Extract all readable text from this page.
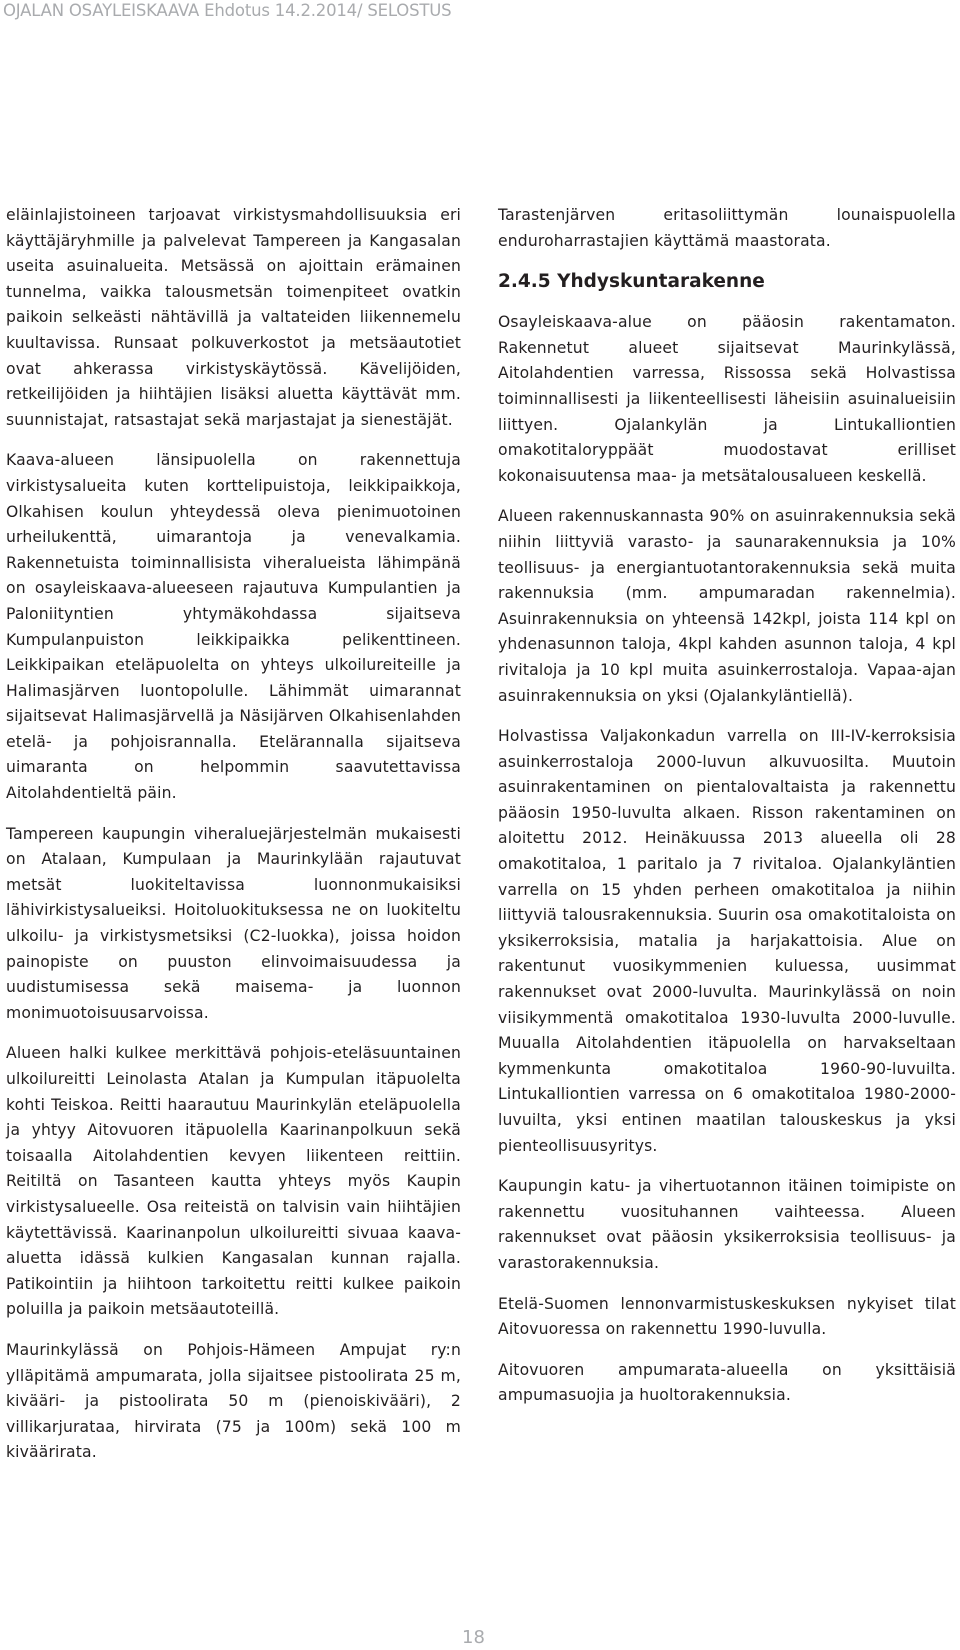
OJALAN OSAYLEISKAAVA Ehdotus 14.2.2014/ SELOSTUS

eläinlajistoineen tarjoavat virkistysmahdollisuuksia eri käyttäjäryhmille ja palvelevat Tampereen ja Kangasalan useita asuinalueita. Metsässä on ajoittain erämainen tunnelma, vaikka talousmetsän toimenpiteet ovatkin paikoin selkeästi nähtävillä ja valtateiden liikennemelu kuultavissa. Runsaat polkuverkostot ja metsäautotiet ovat ahkerassa virkistyskäytössä. Kävelijöiden, retkeilijöiden ja hiihtäjien lisäksi aluetta käyttävät mm. suunnistajat, ratsastajat sekä marjastajat ja sienestäjät.

Kaava-alueen länsipuolella on rakennettuja virkistysalueita kuten korttelipuistoja, leikkipaikkoja, Olkahisen koulun yhteydessä oleva pienimuotoinen urheilukenttä, uimarantoja ja venevalkamia. Rakennetuista toiminnallisista viheralueista lähimpänä on osayleiskaava-alueeseen rajautuva Kumpulantien ja Paloniityntien yhtymäkohdassa sijaitseva Kumpulanpuiston leikkipaikka pelikenttineen. Leikkipaikan eteläpuolelta on yhteys ulkoilureiteille ja Halimasjärven luontopolulle. Lähimmät uimarannat sijaitsevat Halimasjärvellä ja Näsijärven Olkahisenlahden etelä- ja pohjoisrannalla. Etelärannalla sijaitseva uimaranta on helpommin saavutettavissa Aitolahdentieltä päin.

Tampereen kaupungin viheraluejärjestelmän mukaisesti on Atalaan, Kumpulaan ja Maurinkylään rajautuvat metsät luokiteltavissa luonnonmukaisiksi lähivirkistysalueiksi. Hoitoluokituksessa ne on luokiteltu ulkoilu- ja virkistysmetsiksi (C2-luokka), joissa hoidon painopiste on puuston elinvoimaisuudessa ja uudistumisessa sekä maisema- ja luonnon monimuotoisuusarvoissa.

Alueen halki kulkee merkittävä pohjois-eteläsuuntainen ulkoilureitti Leinolasta Atalan ja Kumpulan itäpuolelta kohti Teiskoa. Reitti haarautuu Maurinkylän eteläpuolella ja yhtyy Aitovuoren itäpuolella Kaarinanpolkuun sekä toisaalla Aitolahdentien kevyen liikenteen reittiin. Reitiltä on Tasanteen kautta yhteys myös Kaupin virkistysalueelle. Osa reiteistä on talvisin vain hiihtäjien käytettävissä. Kaarinanpolun ulkoilureitti sivuaa kaava-aluetta idässä kulkien Kangasalan kunnan rajalla. Patikointiin ja hiihtoon tarkoitettu reitti kulkee paikoin poluilla ja paikoin metsäautoteillä.

Maurinkylässä on Pohjois-Hämeen Ampujat ry:n ylläpitämä ampumarata, jolla sijaitsee pistoolirata 25 m, kivääri- ja pistoolirata 50 m (pienoiskivääri), 2 villikarjurataa, hirvirata (75 ja 100m) sekä 100 m kiväärirata.

Tarastenjärven eritasoliittymän lounaispuolella enduroharrastajien käyttämä maastorata.

2.4.5 Yhdyskuntarakenne

Osayleiskaava-alue on pääosin rakentamaton. Rakennetut alueet sijaitsevat Maurinkylässä, Aitolahdentien varressa, Rissossa sekä Holvastissa toiminnallisesti ja liikenteellisesti läheisiin asuinalueisiin liittyen. Ojalankylän ja Lintukalliontien omakotitaloryppäät muodostavat erilliset kokonaisuutensa maa- ja metsätalousalueen keskellä.

Alueen rakennuskannasta 90% on asuinrakennuksia sekä niihin liittyviä varasto- ja saunarakennuksia ja 10% teollisuus- ja energiantuotantorakennuksia sekä muita rakennuksia (mm. ampumaradan rakennelmia). Asuinrakennuksia on yhteensä 142kpl, joista 114 kpl on yhdenasunnon taloja, 4kpl kahden asunnon taloja, 4 kpl rivitaloja ja 10 kpl muita asuinkerrostaloja. Vapaa-ajan asuinrakennuksia on yksi (Ojalankyläntiellä).

Holvastissa Valjakonkadun varrella on III-IV-kerroksisia asuinkerrostaloja 2000-luvun alkuvuosilta. Muutoin asuinrakentaminen on pientalovaltaista ja rakennettu pääosin 1950-luvulta alkaen. Risson rakentaminen on aloitettu 2012. Heinäkuussa 2013 alueella oli 28 omakotitaloa, 1 paritalo ja 7 rivitaloa. Ojalankyläntien varrella on 15 yhden perheen omakotitaloa ja niihin liittyviä talousrakennuksia. Suurin osa omakotitaloista on yksikerroksisia, matalia ja harjakattoisia. Alue on rakentunut vuosikymmenien kuluessa, uusimmat rakennukset ovat 2000-luvulta. Maurinkylässä on noin viisikymmentä omakotitaloa 1930-luvulta 2000-luvulle. Muualla Aitolahdentien itäpuolella on harvakseltaan kymmenkunta omakotitaloa 1960-90-luvuilta. Lintukalliontien varressa on 6 omakotitaloa 1980-2000-luvuilta, yksi entinen maatilan talouskeskus ja yksi pienteollisuusyritys.

Kaupungin katu- ja vihertuotannon itäinen toimipiste on rakennettu vuosituhannen vaihteessa. Alueen rakennukset ovat pääosin yksikerroksisia teollisuus- ja varastorakennuksia.

Etelä-Suomen lennonvarmistuskeskuksen nykyiset tilat Aitovuoressa on rakennettu 1990-luvulla.

Aitovuoren ampumarata-alueella on yksittäisiä ampumasuojia ja huoltorakennuksia.

18
